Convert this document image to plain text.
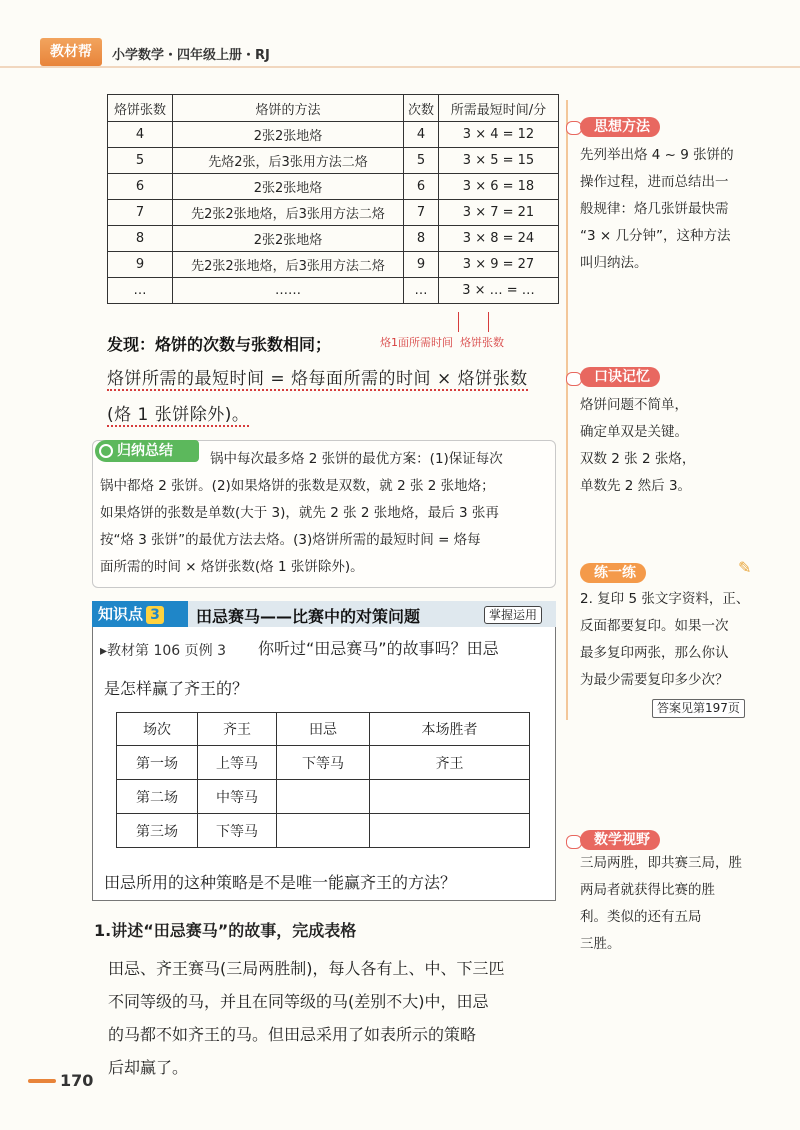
教材帮	小学数学・四年级上册・RJ
烙饼张数	烙饼的方法	次数	所需最短时间/分
4	2张2张地烙	4	3 × 4 = 12
5	先烙2张，后3张用方法二烙	5	3 × 5 = 15
6	2张2张地烙	6	3 × 6 = 18
7	先2张2张地烙，后3张用方法二烙	7	3 × 7 = 21
8	2张2张地烙	8	3 × 8 = 24
9	先2张2张地烙，后3张用方法二烙	9	3 × 9 = 27
…	……	…	3 × … = …
发现：烙饼的次数与张数相同；	烙1面所需时间 烙饼张数
烙饼所需的最短时间 = 烙每面所需的时间 × 烙饼张数
(烙 1 张饼除外)。
归纳总结	锅中每次最多烙 2 张饼的最优方案：(1)保证每次
锅中都烙 2 张饼。(2)如果烙饼的张数是双数，就 2 张 2 张地烙；
如果烙饼的张数是单数(大于 3)，就先 2 张 2 张地烙，最后 3 张再
按“烙 3 张饼”的最优方法去烙。(3)烙饼所需的最短时间 = 烙每
面所需的时间 × 烙饼张数(烙 1 张饼除外)。
知识点 3	田忌赛马——比赛中的对策问题	掌握运用
▸教材第 106 页例 3 你听过“田忌赛马”的故事吗？田忌
是怎样赢了齐王的？
场次	齐王	田忌	本场胜者
第一场	上等马	下等马	齐王
第二场	中等马		
第三场	下等马		
田忌所用的这种策略是不是唯一能赢齐王的方法？
1.讲述“田忌赛马”的故事，完成表格
田忌、齐王赛马(三局两胜制)，每人各有上、中、下三匹
不同等级的马，并且在同等级的马(差别不大)中，田忌
的马都不如齐王的马。但田忌采用了如表所示的策略
后却赢了。
170
思想方法
先列举出烙 4 ~ 9 张饼的
操作过程，进而总结出一
般规律：烙几张饼最快需
“3 × 几分钟”，这种方法
叫归纳法。
口诀记忆
烙饼问题不简单，
确定单双是关键。
双数 2 张 2 张烙，
单数先 2 然后 3。
练一练	✎
2. 复印 5 张文字资料，正、
反面都要复印。如果一次
最多复印两张，那么你认
为最少需要复印多少次？
答案见第197页
数学视野
三局两胜，即共赛三局，胜
两局者就获得比赛的胜
利。类似的还有五局
三胜。
